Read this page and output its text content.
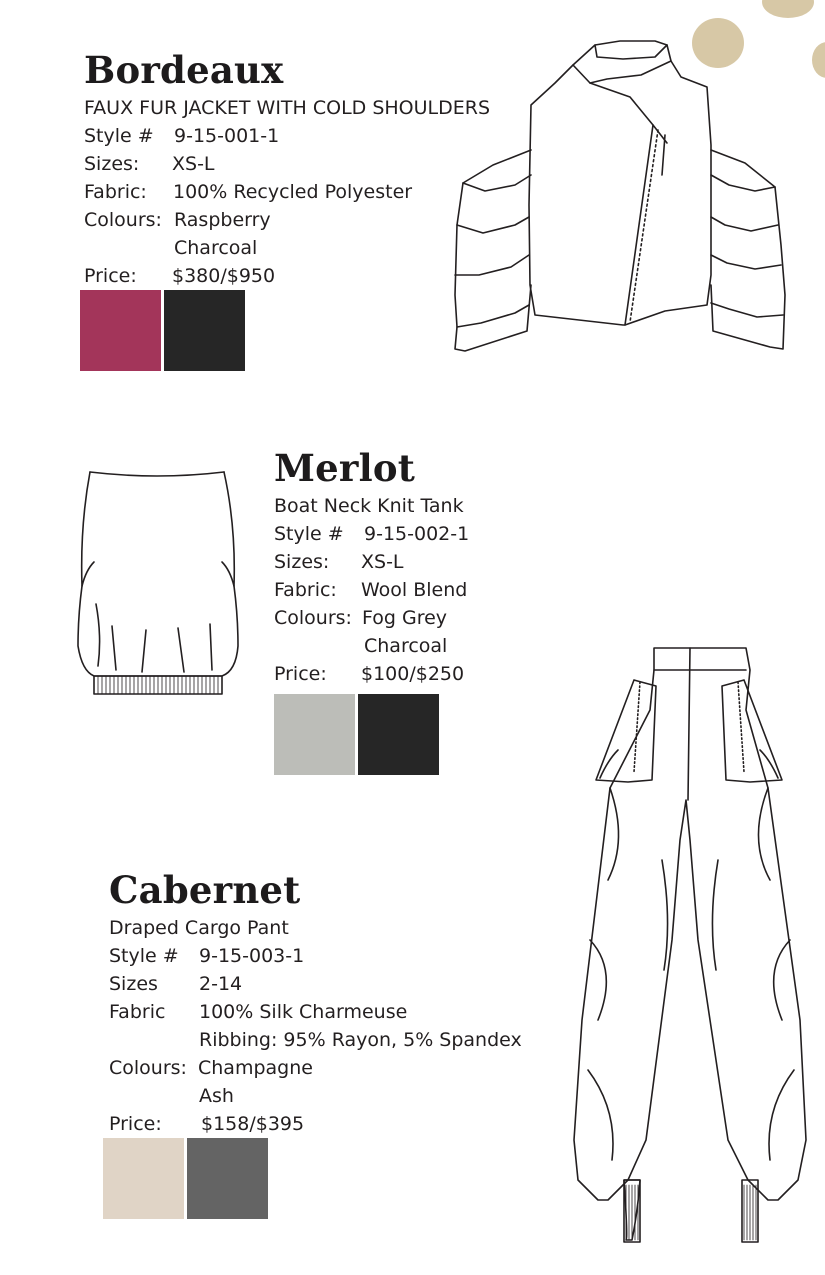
Bordeaux
FAUX FUR JACKET WITH COLD SHOULDERS
Style #	9-15-001-1
Sizes:	XS-L
Fabric:	100% Recycled Polyester
Colours: Raspberry
Charcoal
Price:	$380/$950
Merlot
Boat Neck Knit Tank
Style #	9-15-002-1
Sizes:	XS-L
Fabric:	Wool Blend
Colours: Fog Grey
Charcoal
Price:	$100/$250
Cabernet
Draped Cargo Pant
Style #	9-15-003-1
Sizes	2-14
Fabric	100% Silk Charmeuse
Ribbing: 95% Rayon, 5% Spandex
Colours: Champagne
Ash
Price:	$158/$395
